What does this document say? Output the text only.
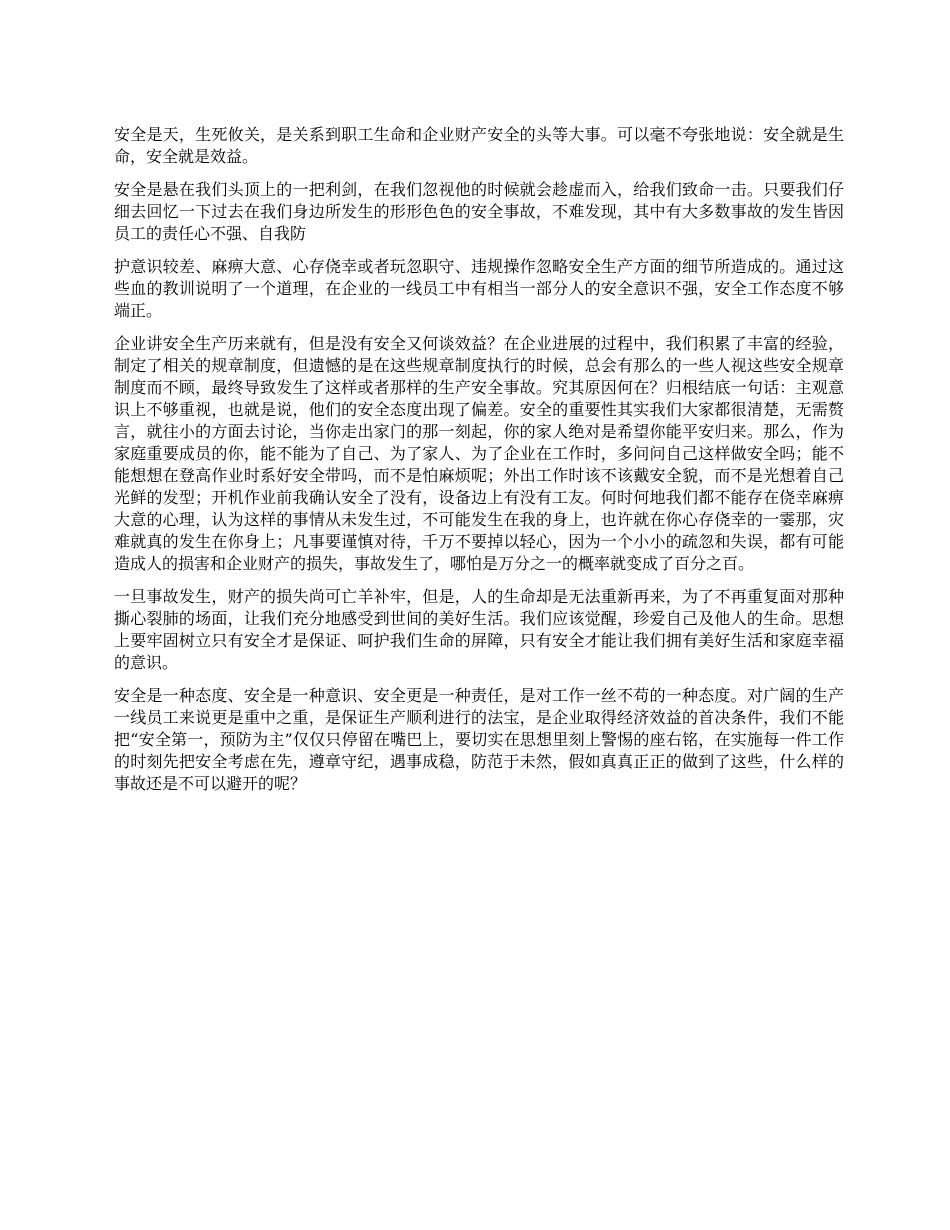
安全是天，生死攸关，是关系到职工生命和企业财产安全的头等大事。可以毫不夸张地说：安全就是生命，安全就是效益。

安全是悬在我们头顶上的一把利剑，在我们忽视他的时候就会趁虚而入，给我们致命一击。只要我们仔细去回忆一下过去在我们身边所发生的形形色色的安全事故，不难发现，其中有大多数事故的发生皆因员工的责任心不强、自我防

护意识较差、麻痹大意、心存侥幸或者玩忽职守、违规操作忽略安全生产方面的细节所造成的。通过这些血的教训说明了一个道理，在企业的一线员工中有相当一部分人的安全意识不强，安全工作态度不够端正。

企业讲安全生产历来就有，但是没有安全又何谈效益？在企业进展的过程中，我们积累了丰富的经验，制定了相关的规章制度，但遗憾的是在这些规章制度执行的时候，总会有那么的一些人视这些安全规章制度而不顾，最终导致发生了这样或者那样的生产安全事故。究其原因何在？归根结底一句话：主观意识上不够重视，也就是说，他们的安全态度出现了偏差。安全的重要性其实我们大家都很清楚，无需赘言，就往小的方面去讨论，当你走出家门的那一刻起，你的家人绝对是希望你能平安归来。那么，作为家庭重要成员的你，能不能为了自己、为了家人、为了企业在工作时，多问问自己这样做安全吗；能不能想想在登高作业时系好安全带吗，而不是怕麻烦呢；外出工作时该不该戴安全貌，而不是光想着自己光鲜的发型；开机作业前我确认安全了没有，设备边上有没有工友。何时何地我们都不能存在侥幸麻痹大意的心理，认为这样的事情从未发生过，不可能发生在我的身上，也许就在你心存侥幸的一霎那，灾难就真的发生在你身上；凡事要谨慎对待，千万不要掉以轻心，因为一个小小的疏忽和失误，都有可能造成人的损害和企业财产的损失，事故发生了，哪怕是万分之一的概率就变成了百分之百。

一旦事故发生，财产的损失尚可亡羊补牢，但是，人的生命却是无法重新再来，为了不再重复面对那种撕心裂肺的场面，让我们充分地感受到世间的美好生活。我们应该觉醒，珍爱自己及他人的生命。思想上要牢固树立只有安全才是保证、呵护我们生命的屏障，只有安全才能让我们拥有美好生活和家庭幸福的意识。

安全是一种态度、安全是一种意识、安全更是一种责任，是对工作一丝不苟的一种态度。对广阔的生产一线员工来说更是重中之重，是保证生产顺利进行的法宝，是企业取得经济效益的首决条件，我们不能把“安全第一，预防为主”仅仅只停留在嘴巴上，要切实在思想里刻上警惕的座右铭，在实施每一件工作的时刻先把安全考虑在先，遵章守纪，遇事成稳，防范于未然，假如真真正正的做到了这些，什么样的事故还是不可以避开的呢？
